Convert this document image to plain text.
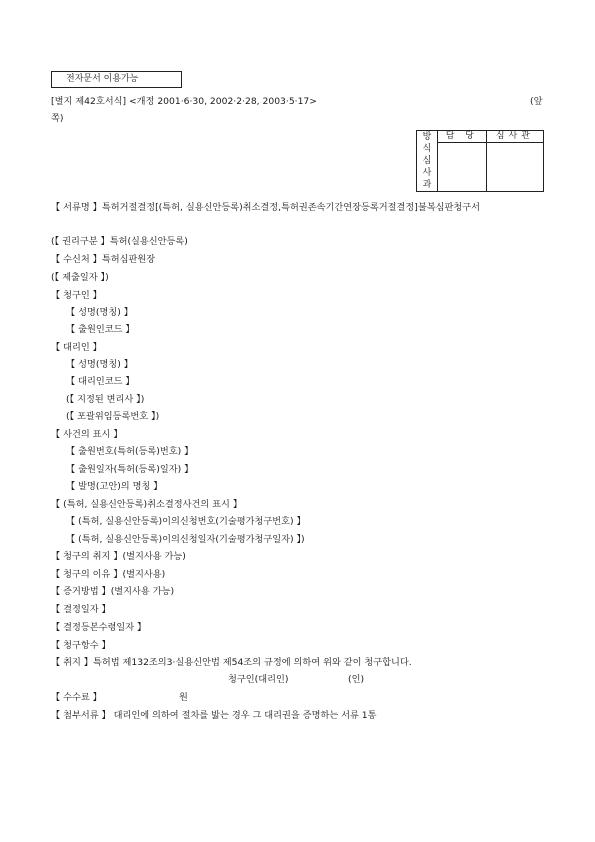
전자문서 이용가능
[별지 제42호서식] <개정 2001·6·30, 2002·2·28, 2003·5·17>	(앞
쪽)
방
식
심
사
과	담 당	심사관

【 서류명 】특허거절결정[(특허, 실용신안등록)취소결정,특허권존속기간연장등록거절결정]불복심판청구서
(【 권리구분 】특허(실용신안등록)
【 수신처 】특허심판원장
(【 제출일자 】)
【 청구인 】
【 성명(명칭) 】
【 출원인코드 】
【 대리인 】
【 성명(명칭) 】
【 대리인코드 】
(【 지정된 변리사 】)
(【 포괄위임등록번호 】)
【 사건의 표시 】
【 출원번호(특허(등록)번호) 】
【 출원일자(특허(등록)일자) 】
【 발명(고안)의 명칭 】
【 (특허, 실용신안등록)취소결정사건의 표시 】
【 (특허, 실용신안등록)이의신청번호(기술평가청구번호) 】
【 (특허, 실용신안등록)이의신청일자(기술평가청구일자) 】)
【 청구의 취지 】(별지사용 가능)
【 청구의 이유 】(별지사용)
【 증거방법 】(별지사용 가능)
【 결정일자 】
【 결정등본수령일자 】
【 청구항수 】
【 취지 】특허법 제132조의3·실용신안법 제54조의 규정에 의하여 위와 같이 청구합니다.
청구인(대리인)	(인)
【 수수료 】	원
【 첨부서류 】 대리인에 의하여 절차를 밟는 경우 그 대리권을 증명하는 서류 1통
